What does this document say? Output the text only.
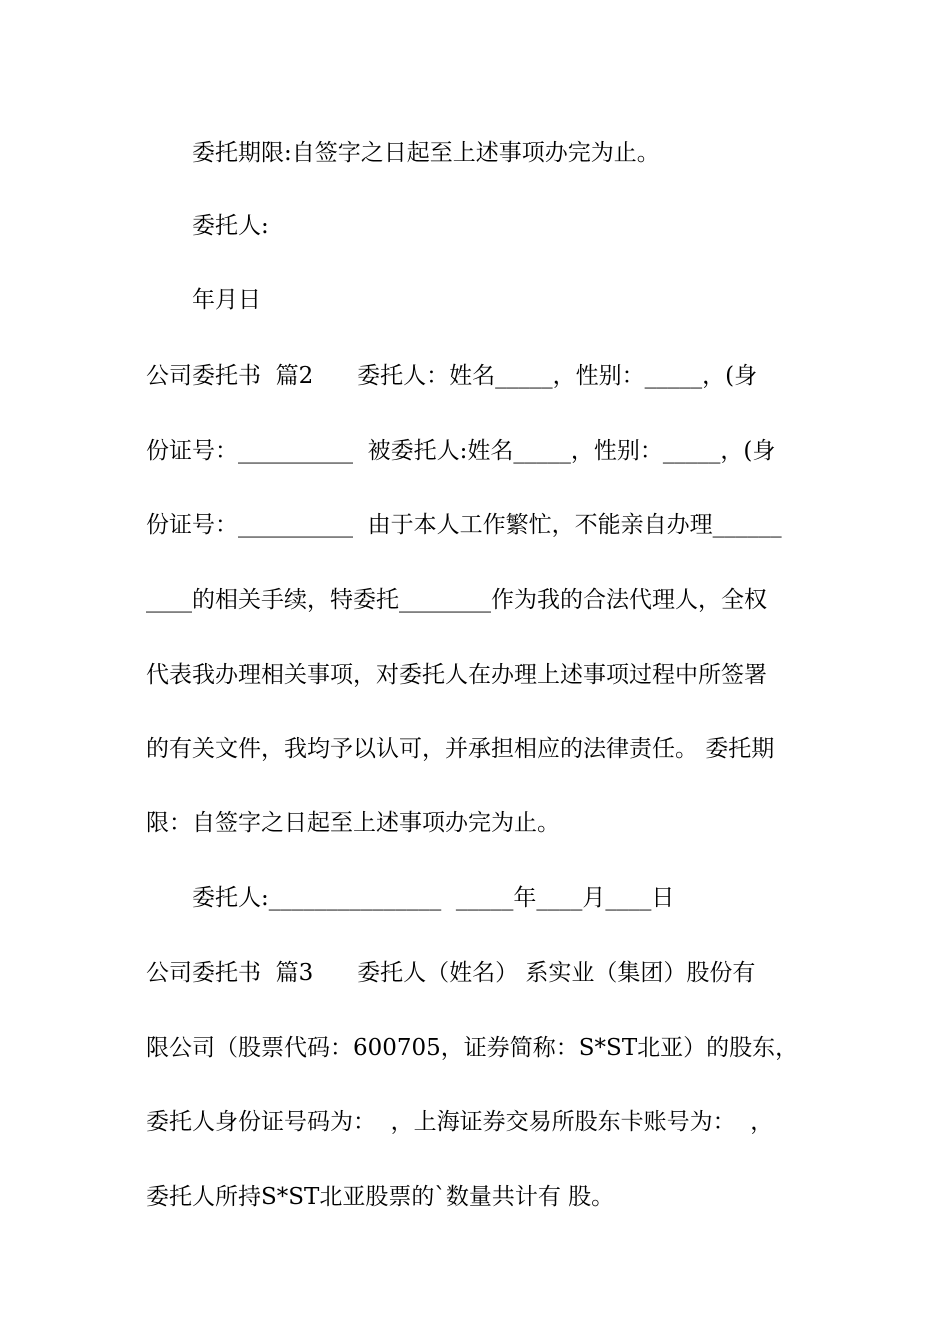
委托期限:自签字之日起至上述事项办完为止。
委托人:
年月日
公司委托书  篇2      委托人：姓名_____，性别：_____，(身
份证号：__________  被委托人:姓名_____，性别：_____，(身
份证号：__________  由于本人工作繁忙，不能亲自办理______
____的相关手续，特委托________作为我的合法代理人，全权
代表我办理相关事项，对委托人在办理上述事项过程中所签署
的有关文件，我均予以认可，并承担相应的法律责任。 委托期
限：自签字之日起至上述事项办完为止。
委托人:_______________  _____年____月____日
公司委托书  篇3      委托人（姓名） 系实业（集团）股份有
限公司（股票代码：600705，证券简称：S*ST北亚）的股东，
委托人身份证号码为：  ，上海证券交易所股东卡账号为：  ，
委托人所持S*ST北亚股票的`数量共计有 股。
